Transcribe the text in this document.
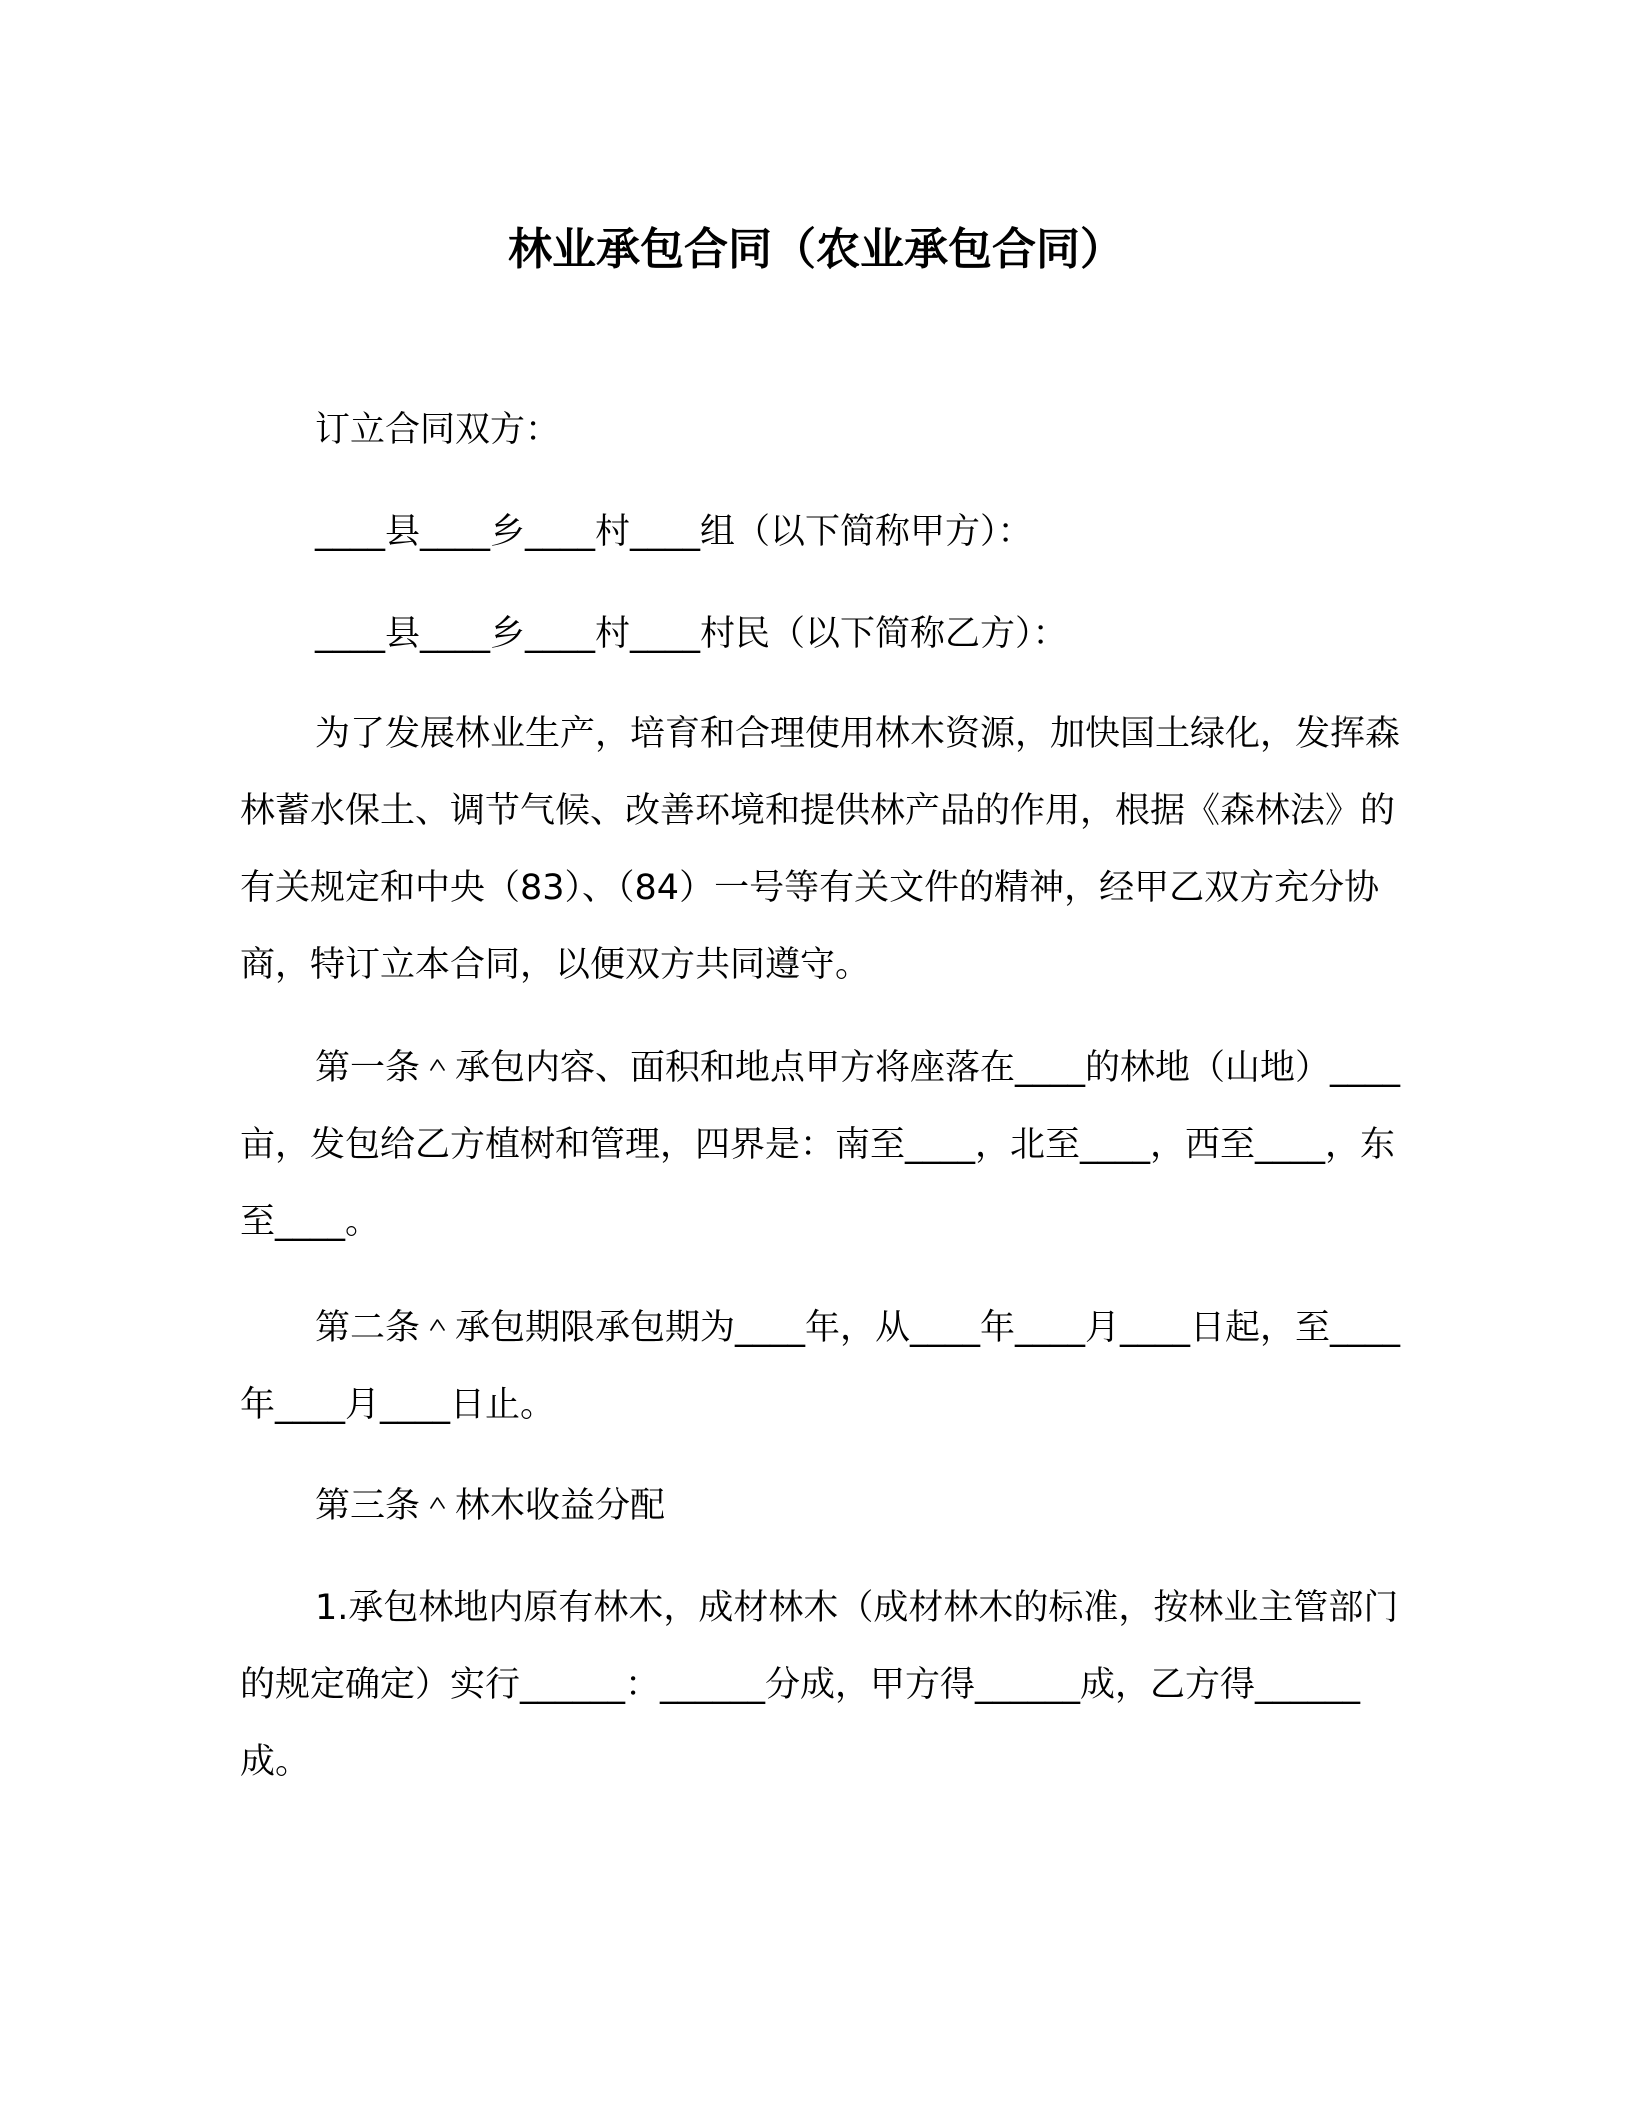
林业承包合同（农业承包合同）
订立合同双方：
____县____乡____村____组（以下简称甲方）：
____县____乡____村____村民（以下简称乙方）：
为了发展林业生产，培育和合理使用林木资源，加快国土绿化，发挥森林蓄水保土、调节气候、改善环境和提供林产品的作用，根据《森林法》的有关规定和中央（83）、（84）一号等有关文件的精神，经甲乙双方充分协商，特订立本合同，以便双方共同遵守。
第一条＾承包内容、面积和地点甲方将座落在____的林地（山地）____亩，发包给乙方植树和管理，四界是：南至____，北至____，西至____，东至____。
第二条＾承包期限承包期为____年，从____年____月____日起，至____年____月____日止。
第三条＾林木收益分配
1.承包林地内原有林木，成材林木（成材林木的标准，按林业主管部门的规定确定）实行______：______分成，甲方得______成，乙方得______成。
